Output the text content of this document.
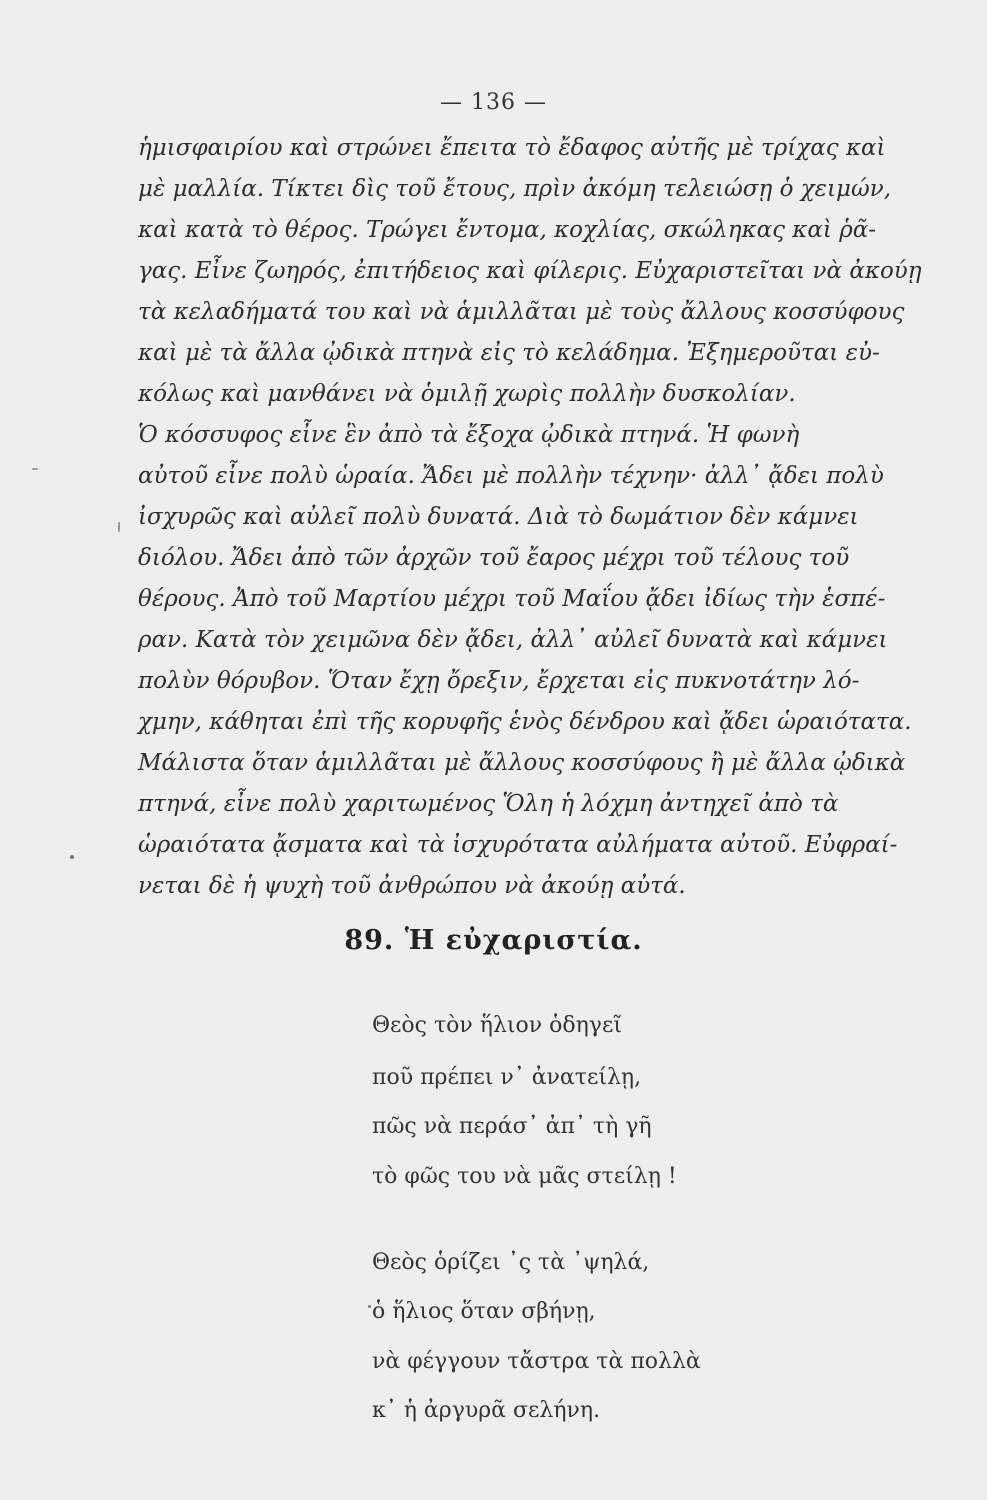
— 136 —
ἡμισφαιρίου καὶ στρώνει ἔπειτα τὸ ἔδαφος αὐτῆς μὲ τρίχας καὶ
μὲ μαλλία. Τίκτει δὶς τοῦ ἔτους, πρὶν ἀκόμη τελειώσῃ ὁ χειμών,
καὶ κατὰ τὸ θέρος. Τρώγει ἔντομα, κοχλίας, σκώληκας καὶ ῥᾶ-
γας. Εἶνε ζωηρός, ἐπιτήδειος καὶ φίλερις. Εὐχαριστεῖται νὰ ἀκούῃ
τὰ κελαδήματά του καὶ νὰ ἁμιλλᾶται μὲ τοὺς ἄλλους κοσσύφους
καὶ μὲ τὰ ἄλλα ᾠδικὰ πτηνὰ εἰς τὸ κελάδημα. Ἐξημεροῦται εὐ-
κόλως καὶ μανθάνει νὰ ὁμιλῇ χωρὶς πολλὴν δυσκολίαν.
Ὁ κόσσυφος εἶνε ἓν ἀπὸ τὰ ἔξοχα ᾠδικὰ πτηνά. Ἡ φωνὴ
αὐτοῦ εἶνε πολὺ ὡραία. Ἄδει μὲ πολλὴν τέχνην· ἀλλ᾿ ᾄδει πολὺ
ἰσχυρῶς καὶ αὐλεῖ πολὺ δυνατά. Διὰ τὸ δωμάτιον δὲν κάμνει
διόλου. Ἄδει ἀπὸ τῶν ἀρχῶν τοῦ ἔαρος μέχρι τοῦ τέλους τοῦ
θέρους. Ἀπὸ τοῦ Μαρτίου μέχρι τοῦ Μαΐου ᾄδει ἰδίως τὴν ἑσπέ-
ραν. Κατὰ τὸν χειμῶνα δὲν ᾄδει, ἀλλ᾿ αὐλεῖ δυνατὰ καὶ κάμνει
πολὺν θόρυβον. Ὅταν ἔχῃ ὄρεξιν, ἔρχεται εἰς πυκνοτάτην λό-
χμην, κάθηται ἐπὶ τῆς κορυφῆς ἑνὸς δένδρου καὶ ᾄδει ὡραιότατα.
Μάλιστα ὅταν ἁμιλλᾶται μὲ ἄλλους κοσσύφους ἢ μὲ ἄλλα ᾠδικὰ
πτηνά, εἶνε πολὺ χαριτωμένος Ὅλη ἡ λόχμη ἀντηχεῖ ἀπὸ τὰ
ὡραιότατα ᾄσματα καὶ τὰ ἰσχυρότατα αὐλήματα αὐτοῦ. Εὐφραί-
νεται δὲ ἡ ψυχὴ τοῦ ἀνθρώπου νὰ ἀκούῃ αὐτά.
89. Ἡ εὐχαριστία.
Θεὸς τὸν ἥλιον ὁδηγεῖ
ποῦ πρέπει ν᾿ ἀνατείλῃ,
πῶς νὰ περάσ᾿ ἀπ᾿ τὴ γῆ
τὸ φῶς του νὰ μᾶς στείλῃ !
Θεὸς ὁρίζει ᾿ς τὰ ᾿ψηλά,
ὁ ἥλιος ὅταν σβήνῃ,
νὰ φέγγουν τἄστρα τὰ πολλὰ
κ᾿ ἡ ἀργυρᾶ σελήνη.
